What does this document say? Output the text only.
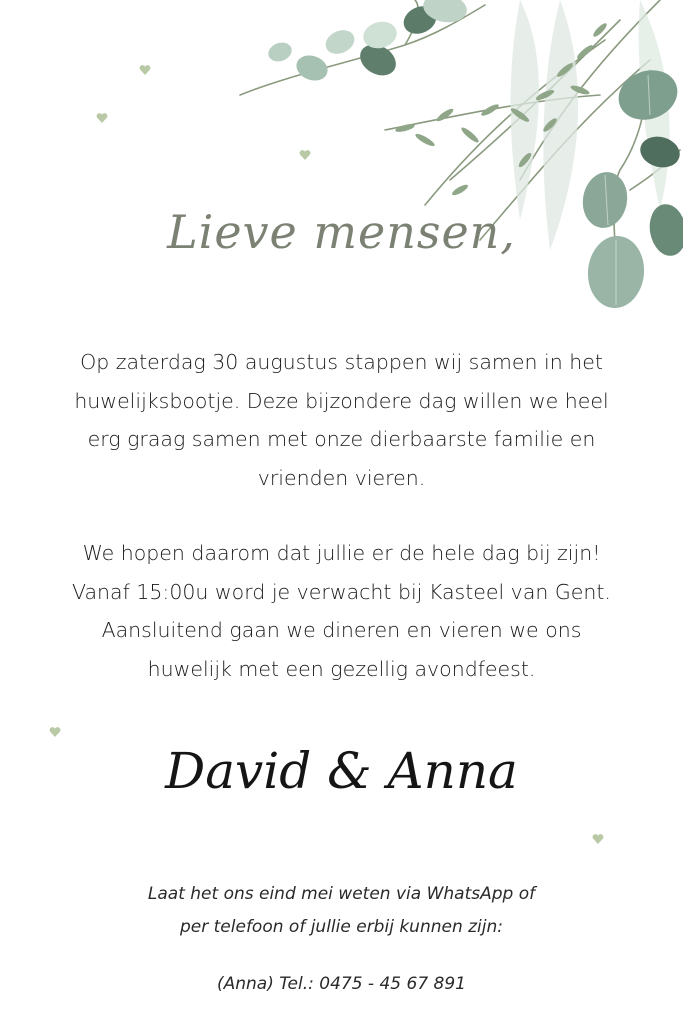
Lieve mensen,
Op zaterdag 30 augustus stappen wij samen in het
huwelijksbootje. Deze bijzondere dag willen we heel
erg graag samen met onze dierbaarste familie en
vrienden vieren.
We hopen daarom dat jullie er de hele dag bij zijn!
Vanaf 15:00u word je verwacht bij Kasteel van Gent.
Aansluitend gaan we dineren en vieren we ons
huwelijk met een gezellig avondfeest.
David & Anna
Laat het ons eind mei weten via WhatsApp of
per telefoon of jullie erbij kunnen zijn:
(Anna) Tel.: 0475 - 45 67 891
